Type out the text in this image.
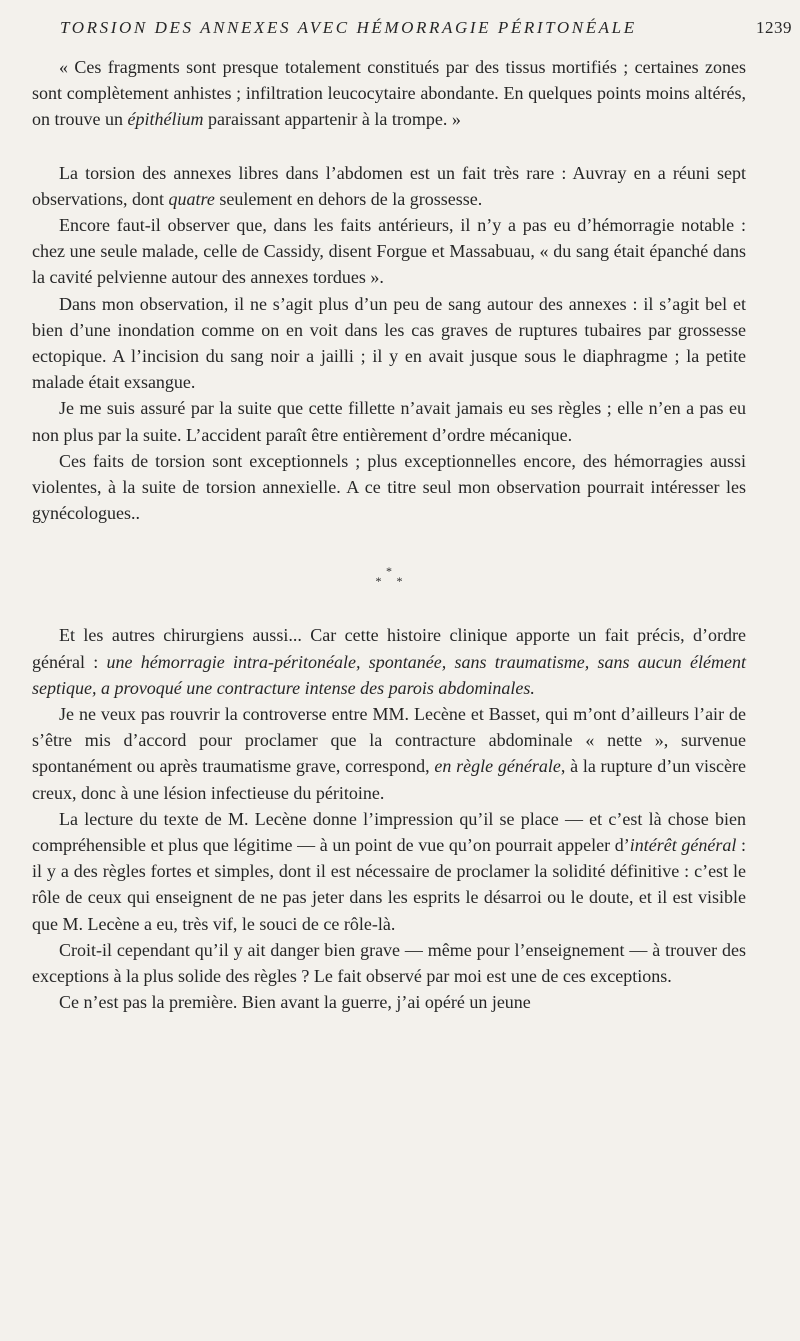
TORSION DES ANNEXES AVEC HÉMORRAGIE PÉRITONÉALE	1239

« Ces fragments sont presque totalement constitués par des tissus mortifiés ; certaines zones sont complètement anhistes ; infiltration leucocytaire abondante. En quelques points moins altérés, on trouve un épithélium paraissant appartenir à la trompe. »

La torsion des annexes libres dans l’abdomen est un fait très rare : Auvray en a réuni sept observations, dont quatre seulement en dehors de la grossesse.

Encore faut-il observer que, dans les faits antérieurs, il n’y a pas eu d’hémorragie notable : chez une seule malade, celle de Cassidy, disent Forgue et Massabuau, « du sang était épanché dans la cavité pelvienne autour des annexes tordues ».

Dans mon observation, il ne s’agit plus d’un peu de sang autour des annexes : il s’agit bel et bien d’une inondation comme on en voit dans les cas graves de ruptures tubaires par grossesse ectopique. A l’incision du sang noir a jailli ; il y en avait jusque sous le diaphragme ; la petite malade était exsangue.

Je me suis assuré par la suite que cette fillette n’avait jamais eu ses règles ; elle n’en a pas eu non plus par la suite. L’accident paraît être entièrement d’ordre mécanique.

Ces faits de torsion sont exceptionnels ; plus exceptionnelles encore, des hémorragies aussi violentes, à la suite de torsion annexielle. A ce titre seul mon observation pourrait intéresser les gynécologues..

*
* *

Et les autres chirurgiens aussi... Car cette histoire clinique apporte un fait précis, d’ordre général : une hémorragie intra-péritonéale, spontanée, sans traumatisme, sans aucun élément septique, a provoqué une contracture intense des parois abdominales.

Je ne veux pas rouvrir la controverse entre MM. Lecène et Basset, qui m’ont d’ailleurs l’air de s’être mis d’accord pour proclamer que la contracture abdominale « nette », survenue spontanément ou après traumatisme grave, correspond, en règle générale, à la rupture d’un viscère creux, donc à une lésion infectieuse du péritoine.

La lecture du texte de M. Lecène donne l’impression qu’il se place — et c’est là chose bien compréhensible et plus que légitime — à un point de vue qu’on pourrait appeler d’intérêt général : il y a des règles fortes et simples, dont il est nécessaire de proclamer la solidité définitive : c’est le rôle de ceux qui enseignent de ne pas jeter dans les esprits le désarroi ou le doute, et il est visible que M. Lecène a eu, très vif, le souci de ce rôle-là.

Croit-il cependant qu’il y ait danger bien grave — même pour l’enseignement — à trouver des exceptions à la plus solide des règles ? Le fait observé par moi est une de ces exceptions.

Ce n’est pas la première. Bien avant la guerre, j’ai opéré un jeune
